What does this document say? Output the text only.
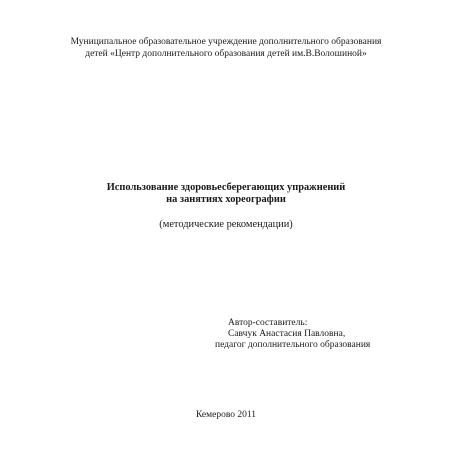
Муниципальное образовательное учреждение дополнительного образования
детей «Центр дополнительного образования детей им.В.Волошиной»
Использование здоровьесберегающих упражнений
на занятиях хореографии
(методические рекомендации)
Автор-составитель:
Савчук Анастасия Павловна,
педагог дополнительного образования
Кемерово 2011
